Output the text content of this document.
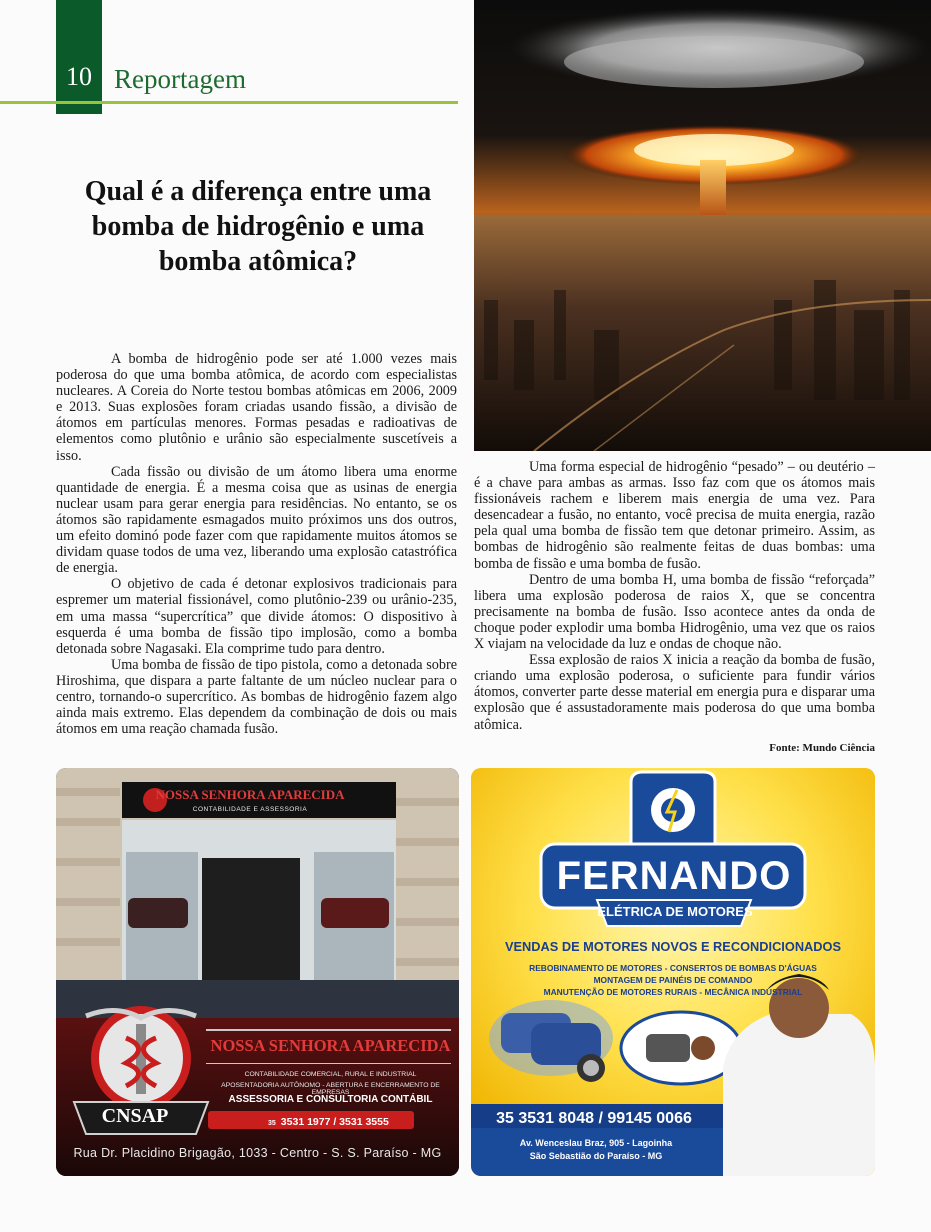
10 Reportagem
Qual é a diferença entre uma bomba de hidrogênio e uma bomba atômica?

A bomba de hidrogênio pode ser até 1.000 vezes mais poderosa do que uma bomba atômica, de acordo com especialistas nucleares. A Coreia do Norte testou bombas atômicas em 2006, 2009 e 2013. Suas explosões foram criadas usando fissão, a divisão de átomos em partículas menores. Formas pesadas e radioativas de elementos como plutônio e urânio são especialmente suscetíveis a isso.

Cada fissão ou divisão de um átomo libera uma enorme quantidade de energia. É a mesma coisa que as usinas de energia nuclear usam para gerar energia para residências. No entanto, se os átomos são rapidamente esmagados muito próximos uns dos outros, um efeito dominó pode fazer com que rapidamente muitos átomos se dividam quase todos de uma vez, liberando uma explosão catastrófica de energia.

O objetivo de cada é detonar explosivos tradicionais para espremer um material fissionável, como plutônio-239 ou urânio-235, em uma massa “supercrítica” que divide átomos: O dispositivo à esquerda é uma bomba de fissão tipo implosão, como a bomba detonada sobre Nagasaki. Ela comprime tudo para dentro.

Uma bomba de fissão de tipo pistola, como a detonada sobre Hiroshima, que dispara a parte faltante de um núcleo nuclear para o centro, tornando-o supercrítico. As bombas de hidrogênio fazem algo ainda mais extremo. Elas dependem da combinação de dois ou mais átomos em uma reação chamada fusão.

Uma forma especial de hidrogênio “pesado” – ou deutério – é a chave para ambas as armas. Isso faz com que os átomos mais fissionáveis rachem e liberem mais energia de uma vez. Para desencadear a fusão, no entanto, você precisa de muita energia, razão pela qual uma bomba de fissão tem que detonar primeiro. Assim, as bombas de hidrogênio são realmente feitas de duas bombas: uma bomba de fissão e uma bomba de fusão.

Dentro de uma bomba H, uma bomba de fissão “reforçada” libera uma explosão poderosa de raios X, que se concentra precisamente na bomba de fusão. Isso acontece antes da onda de choque poder explodir uma bomba Hidrogênio, uma vez que os raios X viajam na velocidade da luz e ondas de choque não.

Essa explosão de raios X inicia a reação da bomba de fusão, criando uma explosão poderosa, o suficiente para fundir vários átomos, converter parte desse material em energia pura e disparar uma explosão que é assustadoramente mais poderosa do que uma bomba atômica.

Fonte: Mundo Ciência
NOSSA SENHORA APARECIDA
CONTABILIDADE E ASSESSORIA
NOSSA SENHORA APARECIDA
CONTABILIDADE COMERCIAL, RURAL E INDUSTRIAL
APOSENTADORIA AUTÔNOMO - ABERTURA E ENCERRAMENTO DE EMPRESAS
ASSESSORIA E CONSULTORIA CONTÁBIL
35 3531 1977 / 3531 3555
CNSAP
Rua Dr. Placidino Brigagão, 1033 - Centro - S. S. Paraíso - MG
FERNANDO
ELÉTRICA DE MOTORES
VENDAS DE MOTORES NOVOS E RECONDICIONADOS
REBOBINAMENTO DE MOTORES - CONSERTOS DE BOMBAS D'ÁGUAS
MONTAGEM DE PAINÉIS DE COMANDO
MANUTENÇÃO DE MOTORES RURAIS - MECÂNICA INDUSTRIAL
35 3531 8048 / 99145 0066
Av. Wenceslau Braz, 905 - Lagoinha
São Sebastião do Paraíso - MG
